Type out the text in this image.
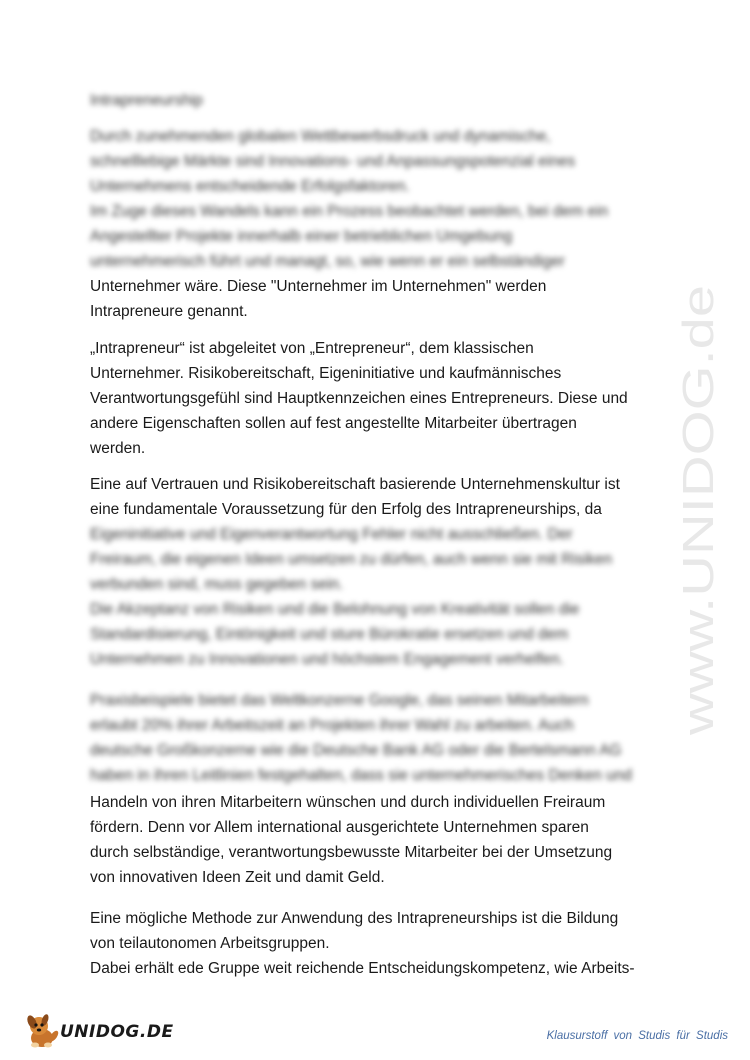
Intrapreneurship
Durch zunehmenden globalen Wettbewerbsdruck und dynamische,
schnelllebige Märkte sind Innovations- und Anpassungspotenzial eines
Unternehmens entscheidende Erfolgsfaktoren.
Im Zuge dieses Wandels kann ein Prozess beobachtet werden, bei dem ein
Angestellter Projekte innerhalb einer betrieblichen Umgebung
unternehmerisch führt und managt, so, wie wenn er ein selbständiger
Unternehmer wäre. Diese "Unternehmer im Unternehmen" werden
Intrapreneure genannt.
„Intrapreneur“ ist abgeleitet von „Entrepreneur“, dem klassischen
Unternehmer. Risikobereitschaft, Eigeninitiative und kaufmännisches
Verantwortungsgefühl sind Hauptkennzeichen eines Entrepreneurs. Diese und
andere Eigenschaften sollen auf fest angestellte Mitarbeiter übertragen
werden.
Eine auf Vertrauen und Risikobereitschaft basierende Unternehmenskultur ist
eine fundamentale Voraussetzung für den Erfolg des Intrapreneurships, da
Eigeninitiative und Eigenverantwortung Fehler nicht ausschließen. Der
Freiraum, die eigenen Ideen umsetzen zu dürfen, auch wenn sie mit Risiken
verbunden sind, muss gegeben sein.
Die Akzeptanz von Risiken und die Belohnung von Kreativität sollen die
Standardisierung, Eintönigkeit und sture Bürokratie ersetzen und dem
Unternehmen zu Innovationen und höchstem Engagement verhelfen.
Praxisbeispiele bietet das Weltkonzerne Google, das seinen Mitarbeitern
erlaubt 20% ihrer Arbeitszeit an Projekten ihrer Wahl zu arbeiten. Auch
deutsche Großkonzerne wie die Deutsche Bank AG oder die Bertelsmann AG
haben in ihren Leitlinien festgehalten, dass sie unternehmerisches Denken und
Handeln von ihren Mitarbeitern wünschen und durch individuellen Freiraum
fördern. Denn vor Allem international ausgerichtete Unternehmen sparen
durch selbständige, verantwortungsbewusste Mitarbeiter bei der Umsetzung
von innovativen Ideen Zeit und damit Geld.
Eine mögliche Methode zur Anwendung des Intrapreneurships ist die Bildung
von teilautonomen Arbeitsgruppen.
Dabei erhält ede Gruppe weit reichende Entscheidungskompetenz, wie Arbeits-
www.UNIDOG.de
UNIDOG.DE	Klausurstoff von Studis für Studis
